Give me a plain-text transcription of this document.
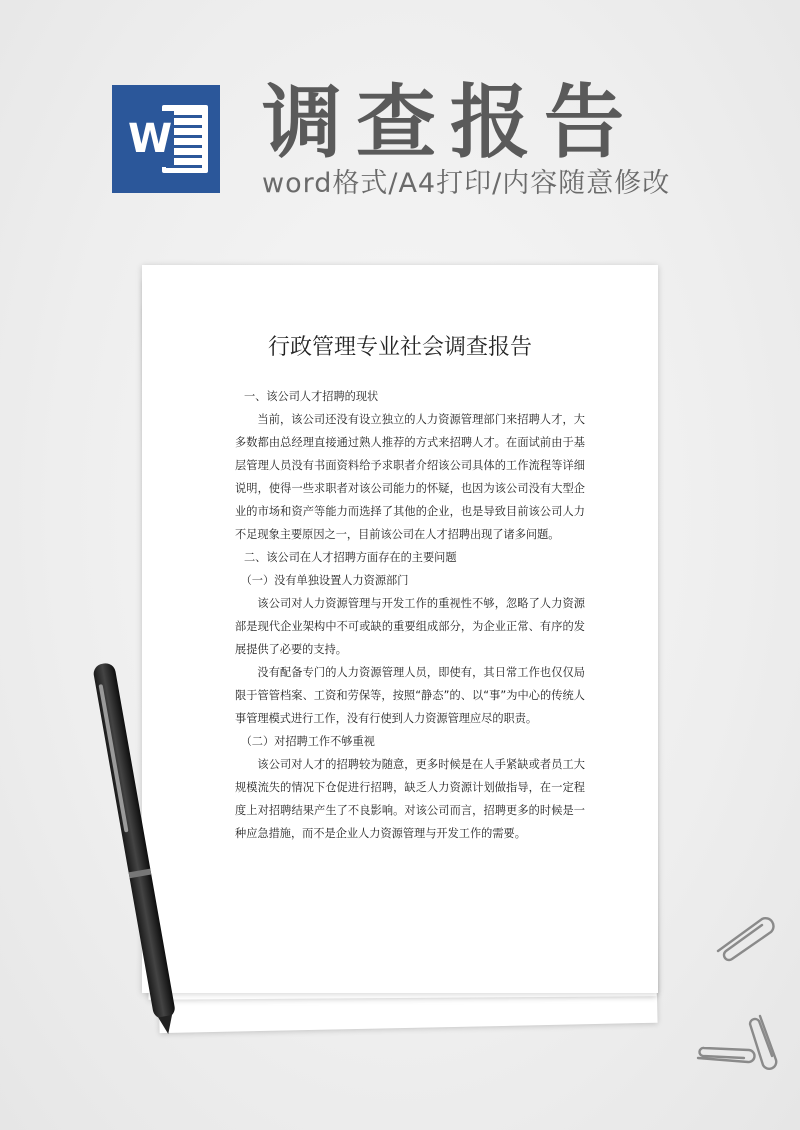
W 调查报告
word格式/A4打印/内容随意修改
行政管理专业社会调查报告

一、该公司人才招聘的现状

当前，该公司还没有设立独立的人力资源管理部门来招聘人才，大多数都由总经理直接通过熟人推荐的方式来招聘人才。在面试前由于基层管理人员没有书面资料给予求职者介绍该公司具体的工作流程等详细说明，使得一些求职者对该公司能力的怀疑，也因为该公司没有大型企业的市场和资产等能力而选择了其他的企业，也是导致目前该公司人力不足现象主要原因之一，目前该公司在人才招聘出现了诸多问题。

二、该公司在人才招聘方面存在的主要问题

（一）没有单独设置人力资源部门

该公司对人力资源管理与开发工作的重视性不够，忽略了人力资源部是现代企业架构中不可或缺的重要组成部分，为企业正常、有序的发展提供了必要的支持。

没有配备专门的人力资源管理人员，即使有，其日常工作也仅仅局限于管管档案、工资和劳保等，按照“静态”的、以“事”为中心的传统人事管理模式进行工作，没有行使到人力资源管理应尽的职责。

（二）对招聘工作不够重视

该公司对人才的招聘较为随意，更多时候是在人手紧缺或者员工大规模流失的情况下仓促进行招聘，缺乏人力资源计划做指导，在一定程度上对招聘结果产生了不良影响。对该公司而言，招聘更多的时候是一种应急措施，而不是企业人力资源管理与开发工作的需要。
